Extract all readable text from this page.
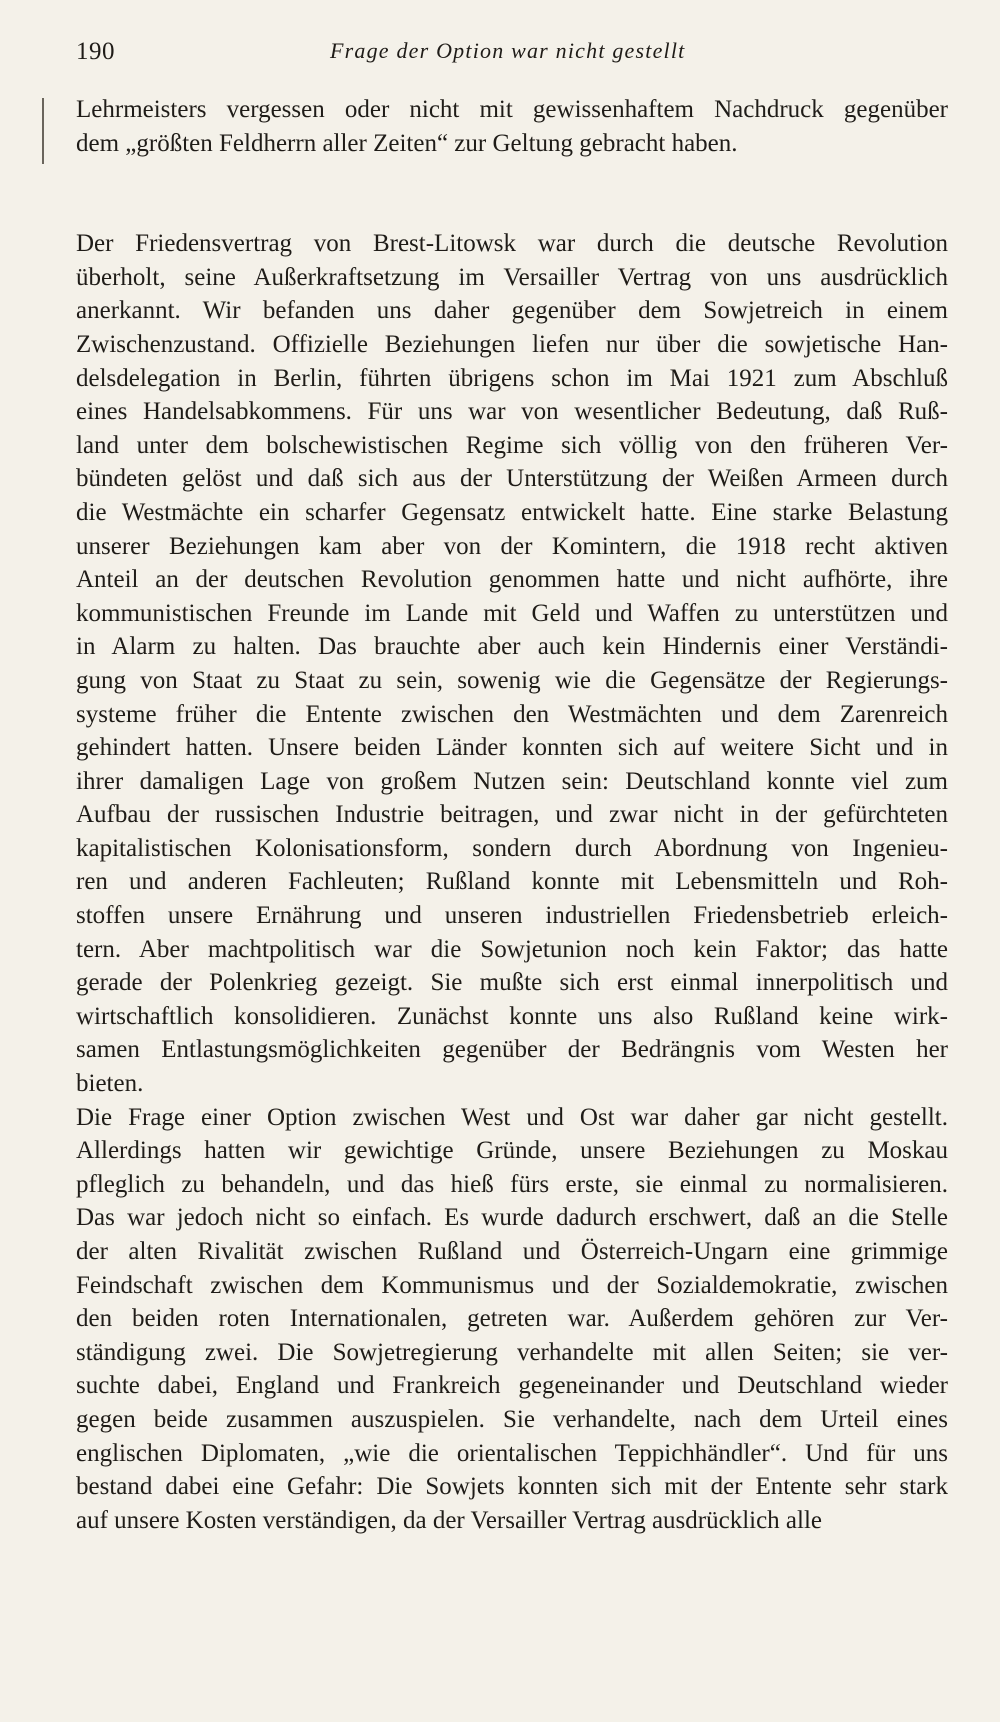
190	Frage der Option war nicht gestellt
Lehrmeisters vergessen oder nicht mit gewissenhaftem Nachdruck gegenüber
dem „größten Feldherrn aller Zeiten“ zur Geltung gebracht haben.
Der Friedensvertrag von Brest-Litowsk war durch die deutsche Revolution
überholt, seine Außerkraftsetzung im Versailler Vertrag von uns ausdrücklich
anerkannt. Wir befanden uns daher gegenüber dem Sowjetreich in einem
Zwischenzustand. Offizielle Beziehungen liefen nur über die sowjetische Han-
delsdelegation in Berlin, führten übrigens schon im Mai 1921 zum Abschluß
eines Handelsabkommens. Für uns war von wesentlicher Bedeutung, daß Ruß-
land unter dem bolschewistischen Regime sich völlig von den früheren Ver-
bündeten gelöst und daß sich aus der Unterstützung der Weißen Armeen durch
die Westmächte ein scharfer Gegensatz entwickelt hatte. Eine starke Belastung
unserer Beziehungen kam aber von der Komintern, die 1918 recht aktiven
Anteil an der deutschen Revolution genommen hatte und nicht aufhörte, ihre
kommunistischen Freunde im Lande mit Geld und Waffen zu unterstützen und
in Alarm zu halten. Das brauchte aber auch kein Hindernis einer Verständi-
gung von Staat zu Staat zu sein, sowenig wie die Gegensätze der Regierungs-
systeme früher die Entente zwischen den Westmächten und dem Zarenreich
gehindert hatten. Unsere beiden Länder konnten sich auf weitere Sicht und in
ihrer damaligen Lage von großem Nutzen sein: Deutschland konnte viel zum
Aufbau der russischen Industrie beitragen, und zwar nicht in der gefürchteten
kapitalistischen Kolonisationsform, sondern durch Abordnung von Ingenieu-
ren und anderen Fachleuten; Rußland konnte mit Lebensmitteln und Roh-
stoffen unsere Ernährung und unseren industriellen Friedensbetrieb erleich-
tern. Aber machtpolitisch war die Sowjetunion noch kein Faktor; das hatte
gerade der Polenkrieg gezeigt. Sie mußte sich erst einmal innerpolitisch und
wirtschaftlich konsolidieren. Zunächst konnte uns also Rußland keine wirk-
samen Entlastungsmöglichkeiten gegenüber der Bedrängnis vom Westen her
bieten.
Die Frage einer Option zwischen West und Ost war daher gar nicht gestellt.
Allerdings hatten wir gewichtige Gründe, unsere Beziehungen zu Moskau
pfleglich zu behandeln, und das hieß fürs erste, sie einmal zu normalisieren.
Das war jedoch nicht so einfach. Es wurde dadurch erschwert, daß an die Stelle
der alten Rivalität zwischen Rußland und Österreich-Ungarn eine grimmige
Feindschaft zwischen dem Kommunismus und der Sozialdemokratie, zwischen
den beiden roten Internationalen, getreten war. Außerdem gehören zur Ver-
ständigung zwei. Die Sowjetregierung verhandelte mit allen Seiten; sie ver-
suchte dabei, England und Frankreich gegeneinander und Deutschland wieder
gegen beide zusammen auszuspielen. Sie verhandelte, nach dem Urteil eines
englischen Diplomaten, „wie die orientalischen Teppichhändler“. Und für uns
bestand dabei eine Gefahr: Die Sowjets konnten sich mit der Entente sehr stark
auf unsere Kosten verständigen, da der Versailler Vertrag ausdrücklich alle
